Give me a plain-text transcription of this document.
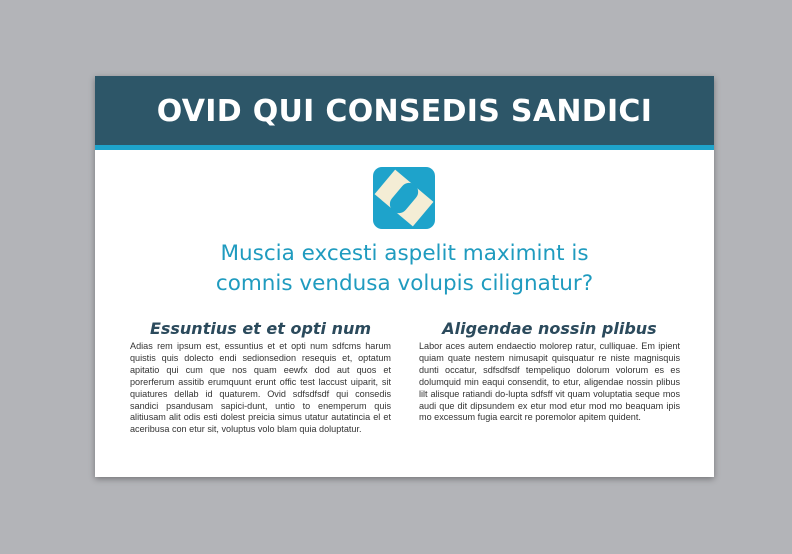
OVID QUI CONSEDIS SANDICI
Muscia excesti aspelit maximint is
comnis vendusa volupis cilignatur?
Essuntius et et opti num
Adias rem ipsum est, essuntius et et opti num sdfcms harum quistis quis dolecto endi sedionsedion resequis et, optatum apitatio qui cum que nos quam eewfx dod aut quos et porerferum assitib erumquunt erunt offic test laccust uiparit, sit quiatures dellab id quaturem. Ovid sdfsdfsdf qui consedis sandici psandusam sapici-dunt, untio to enemperum quis alitiusam alit odis esti dolest preicia simus utatur autatincia el et aceribusa con etur sit, voluptus volo blam quia doluptatur.
Aligendae nossin plibus
Labor aces autem endaectio molorep ratur, culliquae. Em ipient quiam quate nestem nimusapit quisquatur re niste magnisquis dunti occatur, sdfsdfsdf tempeliquo dolorum volorum es es dolumquid min eaqui consendit, to etur, aligendae nossin plibus lilt alisque ratiandi do-lupta sdfsff vit quam voluptatia seque mos audi que dit dipsundem ex etur mod etur mod mo beaquam ipis mo excessum fugia earcit re poremolor apitem quident.
